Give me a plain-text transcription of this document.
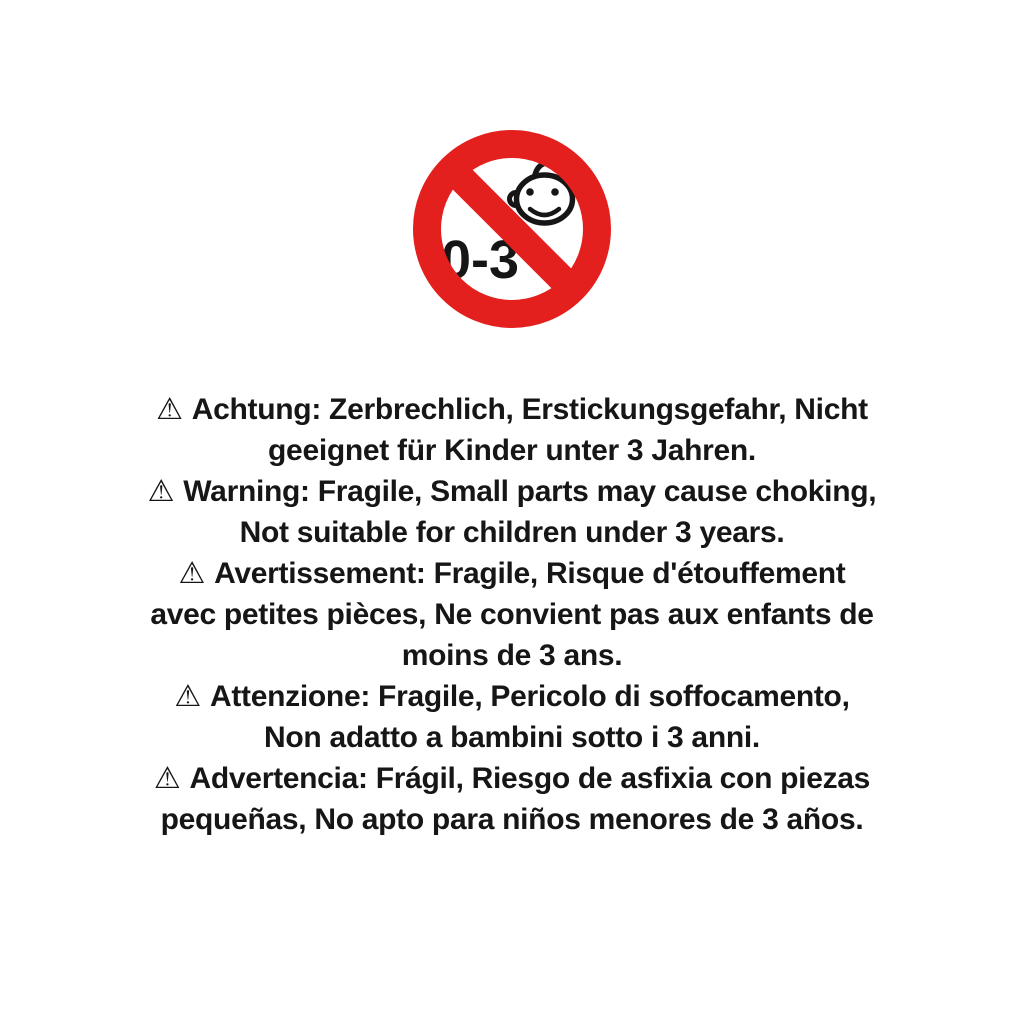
0-3
⚠ Achtung: Zerbrechlich, Erstickungsgefahr, Nicht
geeignet für Kinder unter 3 Jahren.
⚠ Warning: Fragile, Small parts may cause choking,
Not suitable for children under 3 years.
⚠ Avertissement: Fragile, Risque d'étouffement
avec petites pièces, Ne convient pas aux enfants de
moins de 3 ans.
⚠ Attenzione: Fragile, Pericolo di soffocamento,
Non adatto a bambini sotto i 3 anni.
⚠ Advertencia: Frágil, Riesgo de asfixia con piezas
pequeñas, No apto para niños menores de 3 años.
